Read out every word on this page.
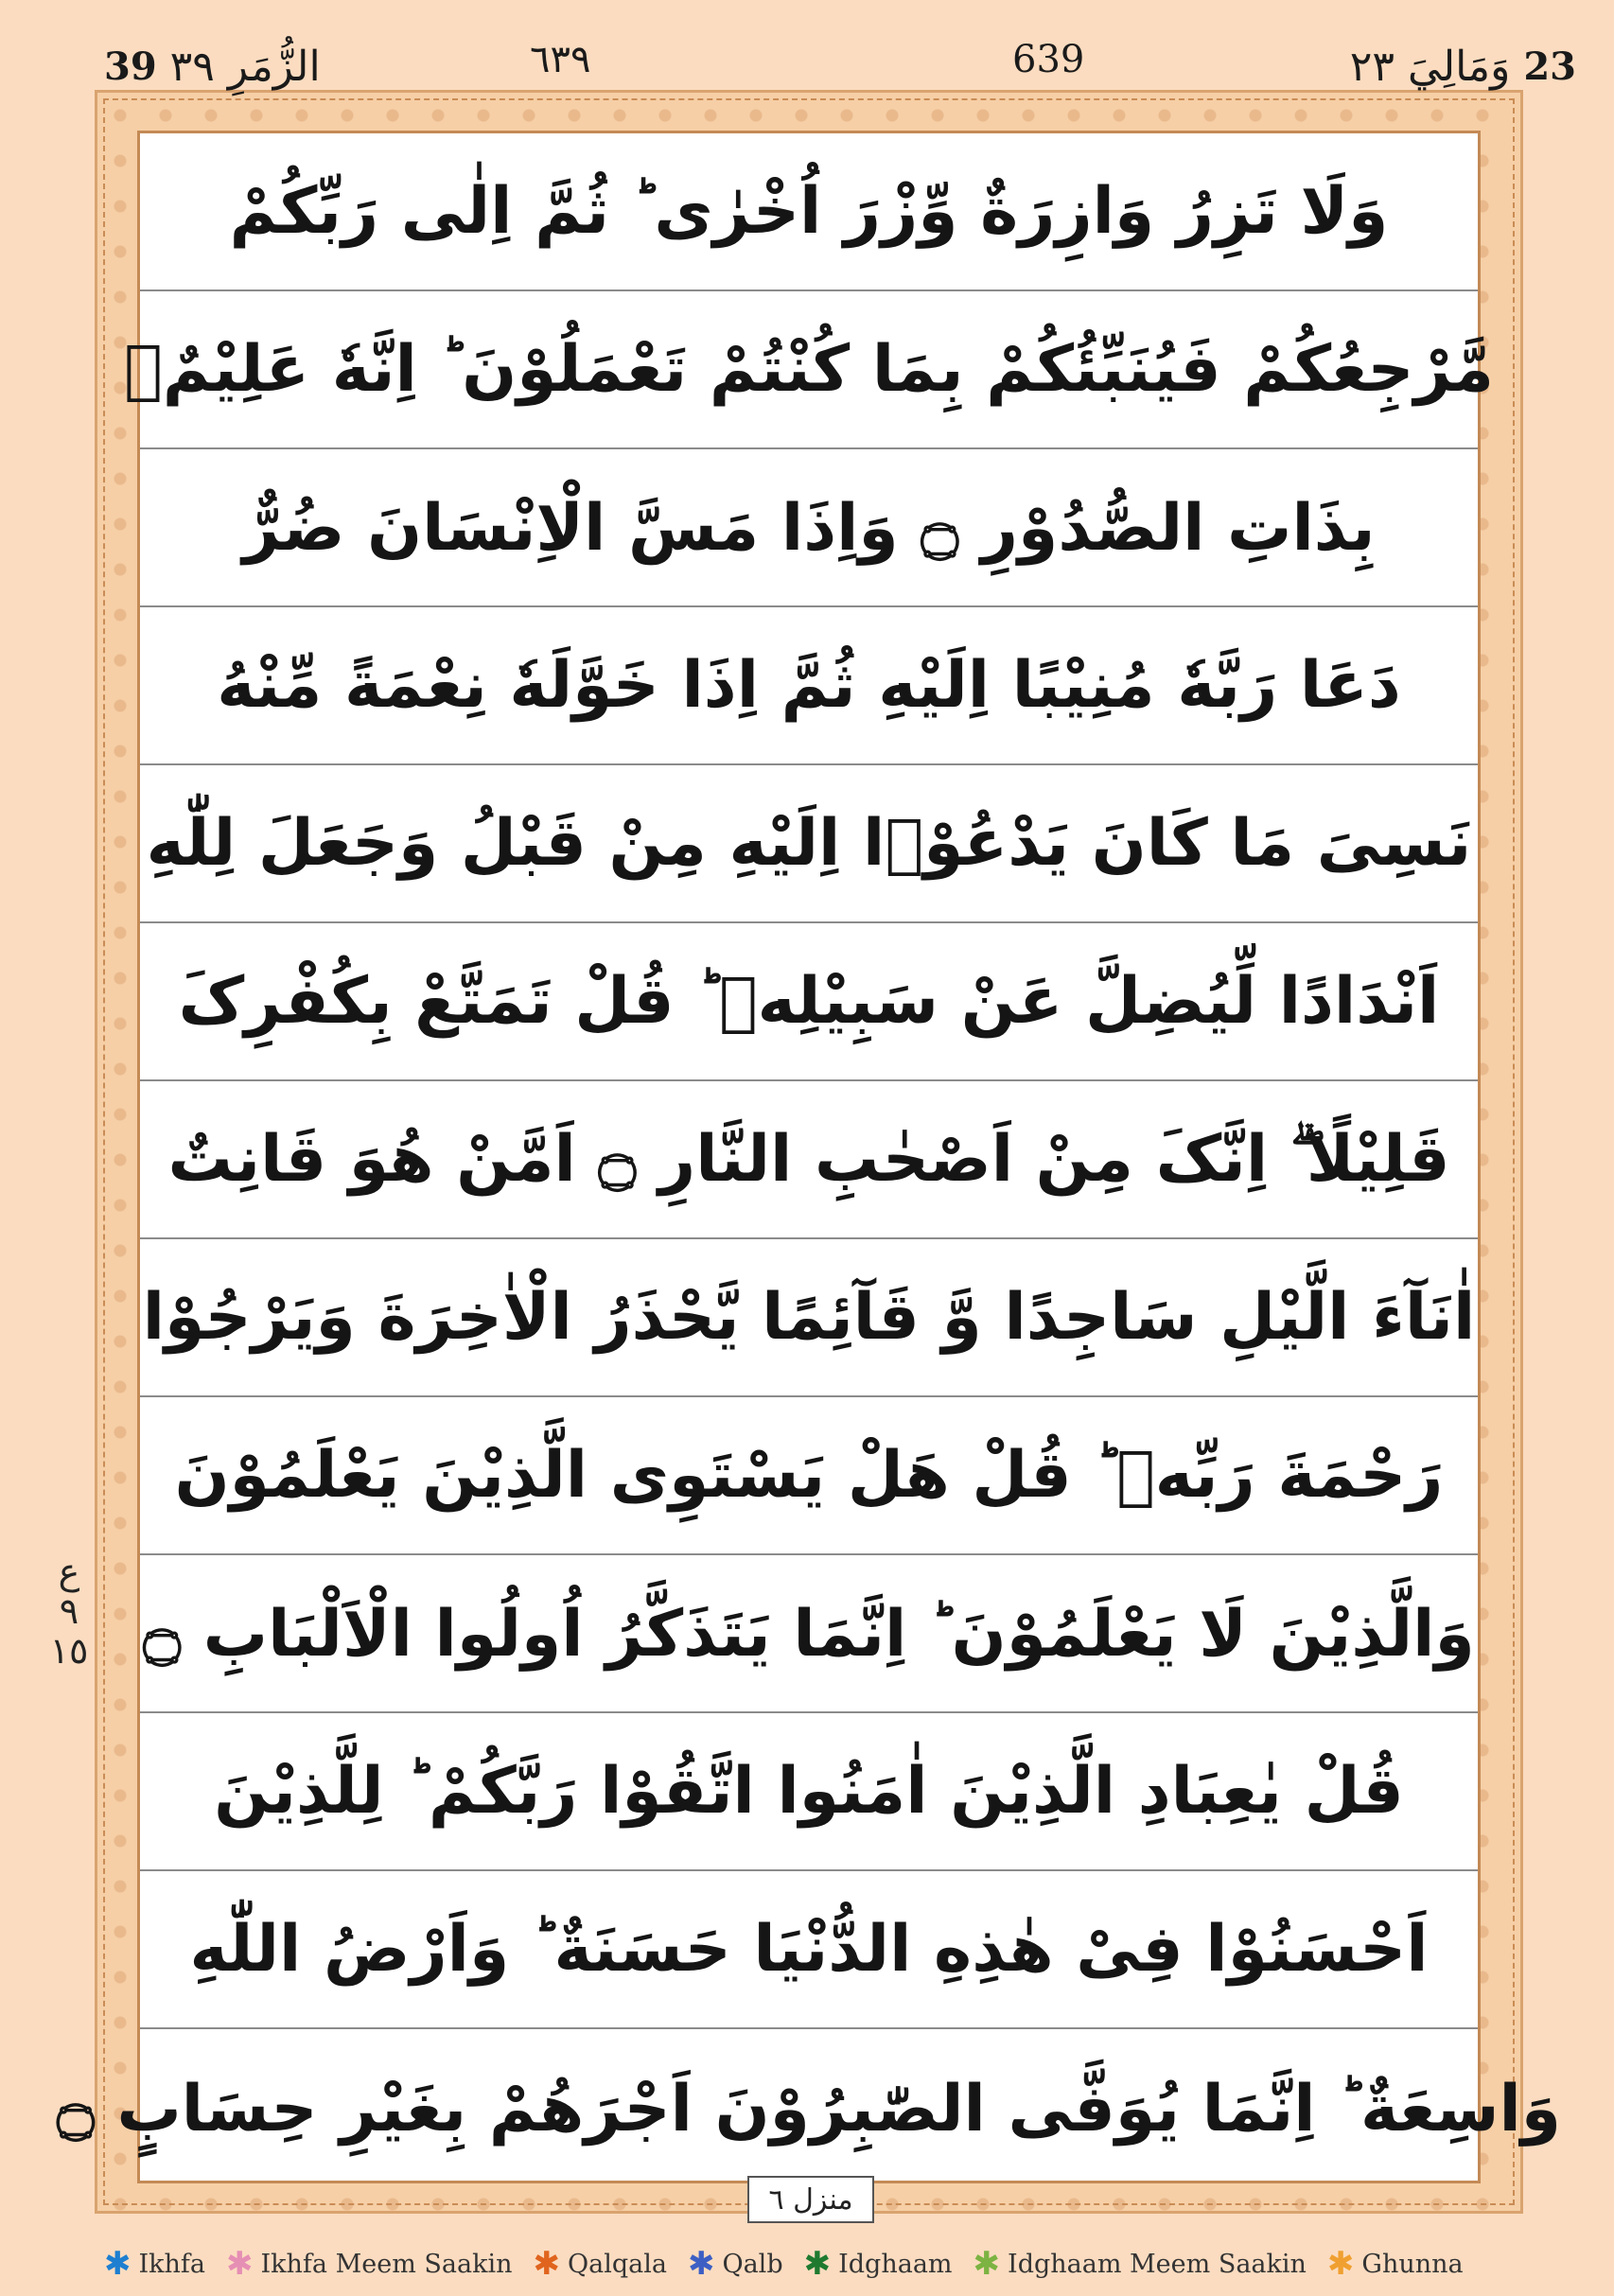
39 الزُّمَرِ ٣٩	٦٣٩	639	وَمَالِيَ ٢٣ 23
وَلَا تَزِرُ وَازِرَةٌ وِّزْرَ اُخْرٰی ؕ ثُمَّ اِلٰی رَبِّکُمْ
مَّرْجِعُکُمْ فَیُنَبِّئُکُمْ بِمَا کُنْتُمْ تَعْمَلُوْنَ ؕ اِنَّهٗ عَلِیْمٌۢ
بِذَاتِ الصُّدُوْرِ ۝ وَاِذَا مَسَّ الْاِنْسَانَ ضُرٌّ
دَعَا رَبَّهٗ مُنِیْبًا اِلَیْهِ ثُمَّ اِذَا خَوَّلَهٗ نِعْمَةً مِّنْهُ
نَسِیَ مَا کَانَ یَدْعُوْۤا اِلَیْهِ مِنْ قَبْلُ وَجَعَلَ لِلّٰهِ
اَنْدَادًا لِّیُضِلَّ عَنْ سَبِیْلِهٖ ؕ قُلْ تَمَتَّعْ بِکُفْرِکَ
قَلِیْلًا ۖۗ اِنَّکَ مِنْ اَصْحٰبِ النَّارِ ۝ اَمَّنْ هُوَ قَانِتٌ
اٰنَآءَ الَّیْلِ سَاجِدًا وَّ قَآئِمًا یَّحْذَرُ الْاٰخِرَةَ وَیَرْجُوْا
رَحْمَةَ رَبِّهٖ ؕ قُلْ هَلْ یَسْتَوِی الَّذِیْنَ یَعْلَمُوْنَ
وَالَّذِیْنَ لَا یَعْلَمُوْنَ ؕ اِنَّمَا یَتَذَکَّرُ اُولُوا الْاَلْبَابِ ۝
قُلْ یٰعِبَادِ الَّذِیْنَ اٰمَنُوا اتَّقُوْا رَبَّکُمْ ؕ لِلَّذِیْنَ
اَحْسَنُوْا فِیْ هٰذِهِ الدُّنْیَا حَسَنَةٌ ؕ وَاَرْضُ اللّٰهِ
وَاسِعَةٌ ؕ اِنَّمَا یُوَفَّی الصّٰبِرُوْنَ اَجْرَهُمْ بِغَیْرِ حِسَابٍ ۝
ع ٩ ١٥
منزل ٦
✱ Ikhfa ✱ Ikhfa Meem Saakin ✱ Qalqala ✱ Qalb ✱ Idghaam ✱ Idghaam Meem Saakin ✱ Ghunna
